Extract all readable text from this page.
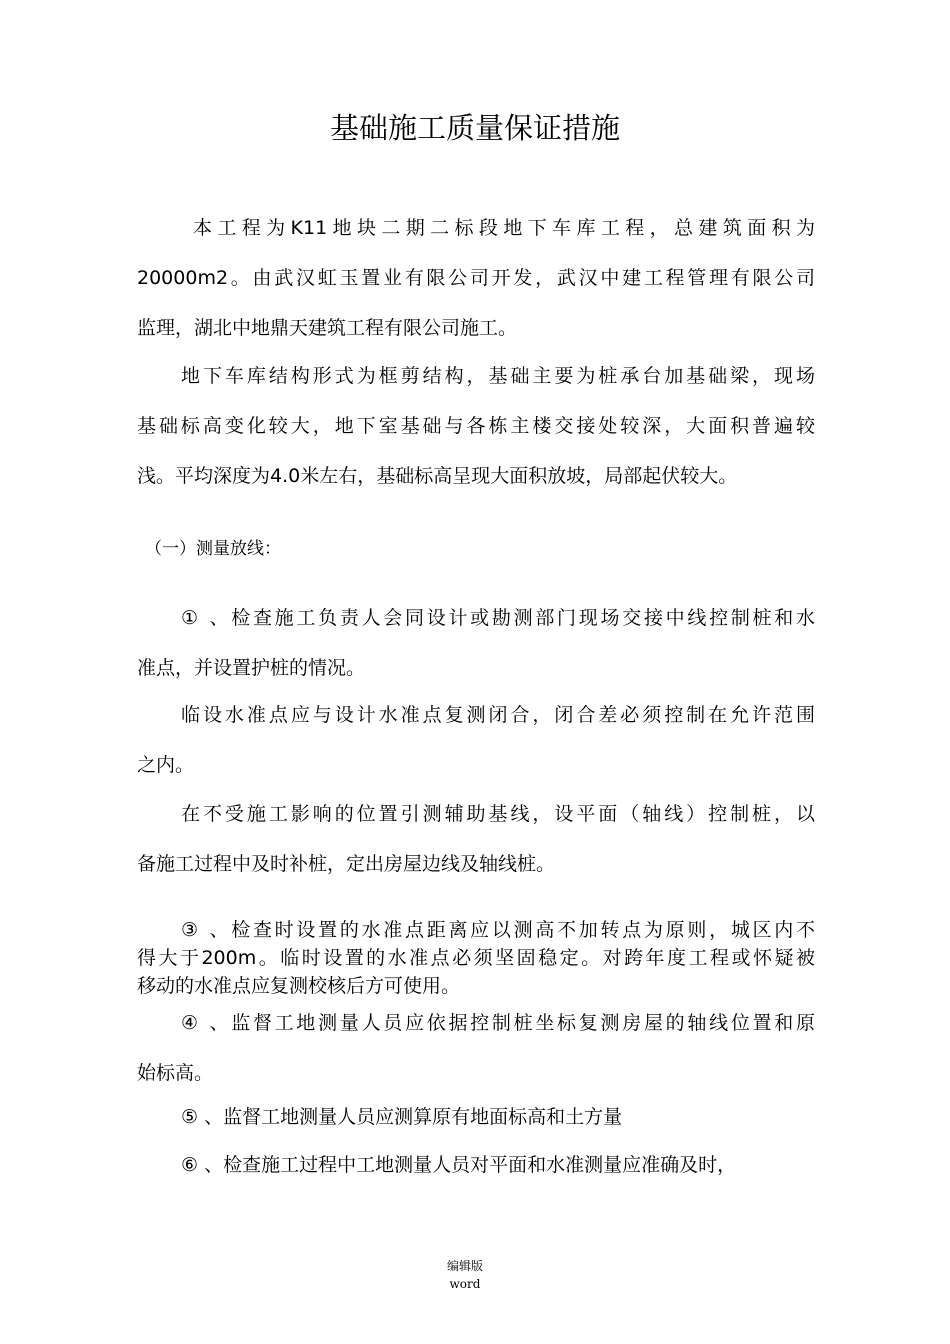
基础施工质量保证措施
本工程为K11地块二期二标段地下车库工程，总建筑面积为
20000m2。由武汉虹玉置业有限公司开发，武汉中建工程管理有限公司
监理，湖北中地鼎天建筑工程有限公司施工。
地下车库结构形式为框剪结构，基础主要为桩承台加基础梁，现场
基础标高变化较大，地下室基础与各栋主楼交接处较深，大面积普遍较
浅。平均深度为4.0米左右，基础标高呈现大面积放坡，局部起伏较大。
（一）测量放线：
① 、检查施工负责人会同设计或勘测部门现场交接中线控制桩和水
准点，并设置护桩的情况。
临设水准点应与设计水准点复测闭合，闭合差必须控制在允许范围
之内。
在不受施工影响的位置引测辅助基线，设平面（轴线）控制桩，以
备施工过程中及时补桩，定出房屋边线及轴线桩。
③ 、检查时设置的水准点距离应以测高不加转点为原则，城区内不
得大于200m。临时设置的水准点必须坚固稳定。对跨年度工程或怀疑被
移动的水准点应复测校核后方可使用。
④ 、监督工地测量人员应依据控制桩坐标复测房屋的轴线位置和原
始标高。
⑤ 、监督工地测量人员应测算原有地面标高和土方量
⑥ 、检查施工过程中工地测量人员对平面和水准测量应准确及时，
编辑版
word
